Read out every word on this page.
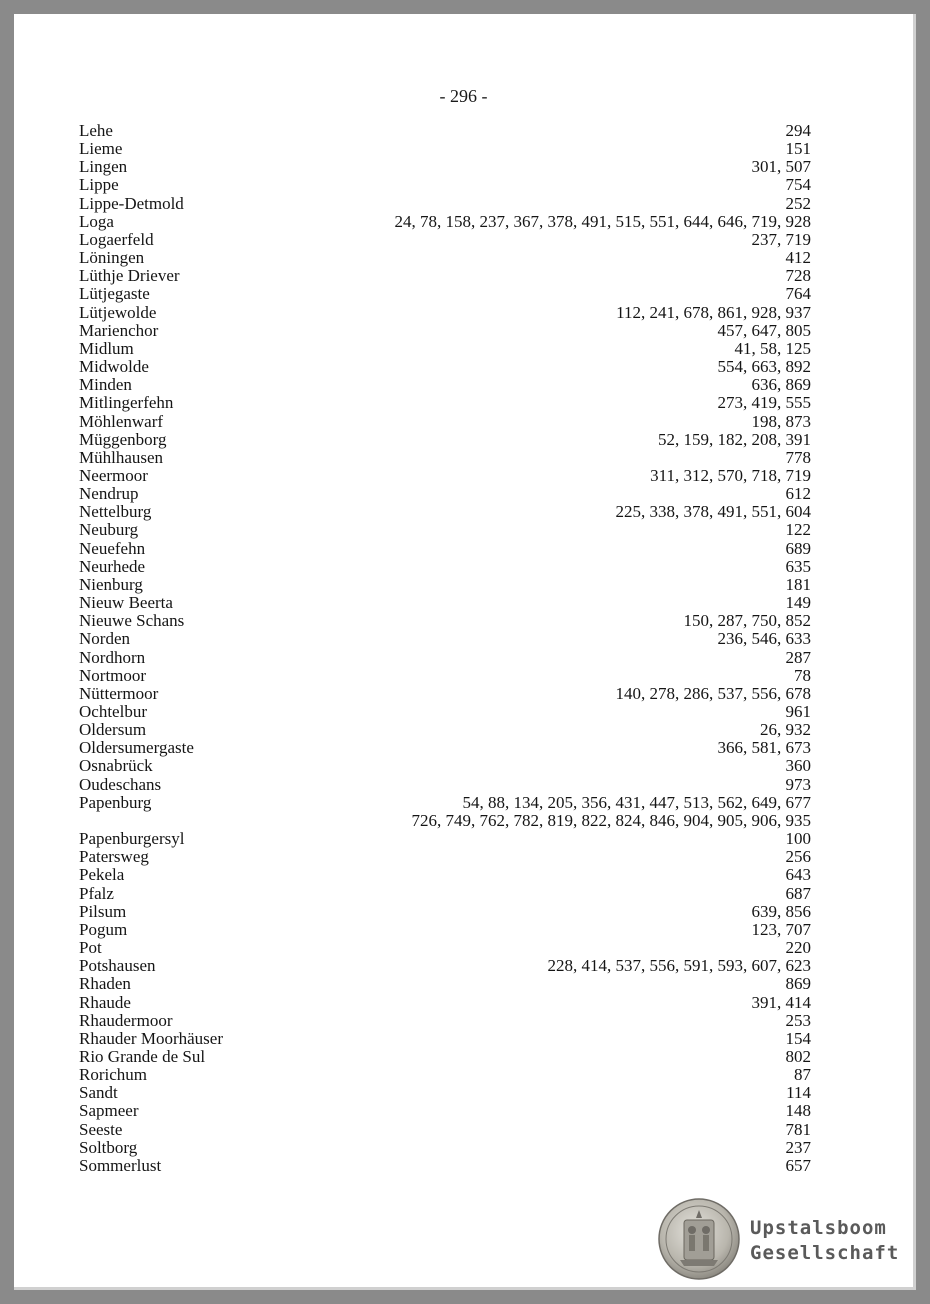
- 296 -
Lehe	294
Lieme	151
Lingen	301, 507
Lippe	754
Lippe-Detmold	252
Loga	24, 78, 158, 237, 367, 378, 491, 515, 551, 644, 646, 719, 928
Logaerfeld	237, 719
Löningen	412
Lüthje Driever	728
Lütjegaste	764
Lütjewolde	112, 241, 678, 861, 928, 937
Marienchor	457, 647, 805
Midlum	41, 58, 125
Midwolde	554, 663, 892
Minden	636, 869
Mitlingerfehn	273, 419, 555
Möhlenwarf	198, 873
Müggenborg	52, 159, 182, 208, 391
Mühlhausen	778
Neermoor	311, 312, 570, 718, 719
Nendrup	612
Nettelburg	225, 338, 378, 491, 551, 604
Neuburg	122
Neuefehn	689
Neurhede	635
Nienburg	181
Nieuw Beerta	149
Nieuwe Schans	150, 287, 750, 852
Norden	236, 546, 633
Nordhorn	287
Nortmoor	78
Nüttermoor	140, 278, 286, 537, 556, 678
Ochtelbur	961
Oldersum	26, 932
Oldersumergaste	366, 581, 673
Osnabrück	360
Oudeschans	973
Papenburg	54, 88, 134, 205, 356, 431, 447, 513, 562, 649, 677
726, 749, 762, 782, 819, 822, 824, 846, 904, 905, 906, 935
Papenburgersyl	100
Patersweg	256
Pekela	643
Pfalz	687
Pilsum	639, 856
Pogum	123, 707
Pot	220
Potshausen	228, 414, 537, 556, 591, 593, 607, 623
Rhaden	869
Rhaude	391, 414
Rhaudermoor	253
Rhauder Moorhäuser	154
Rio Grande de Sul	802
Rorichum	87
Sandt	114
Sapmeer	148
Seeste	781
Soltborg	237
Sommerlust	657
Upstalsboom
Gesellschaft
